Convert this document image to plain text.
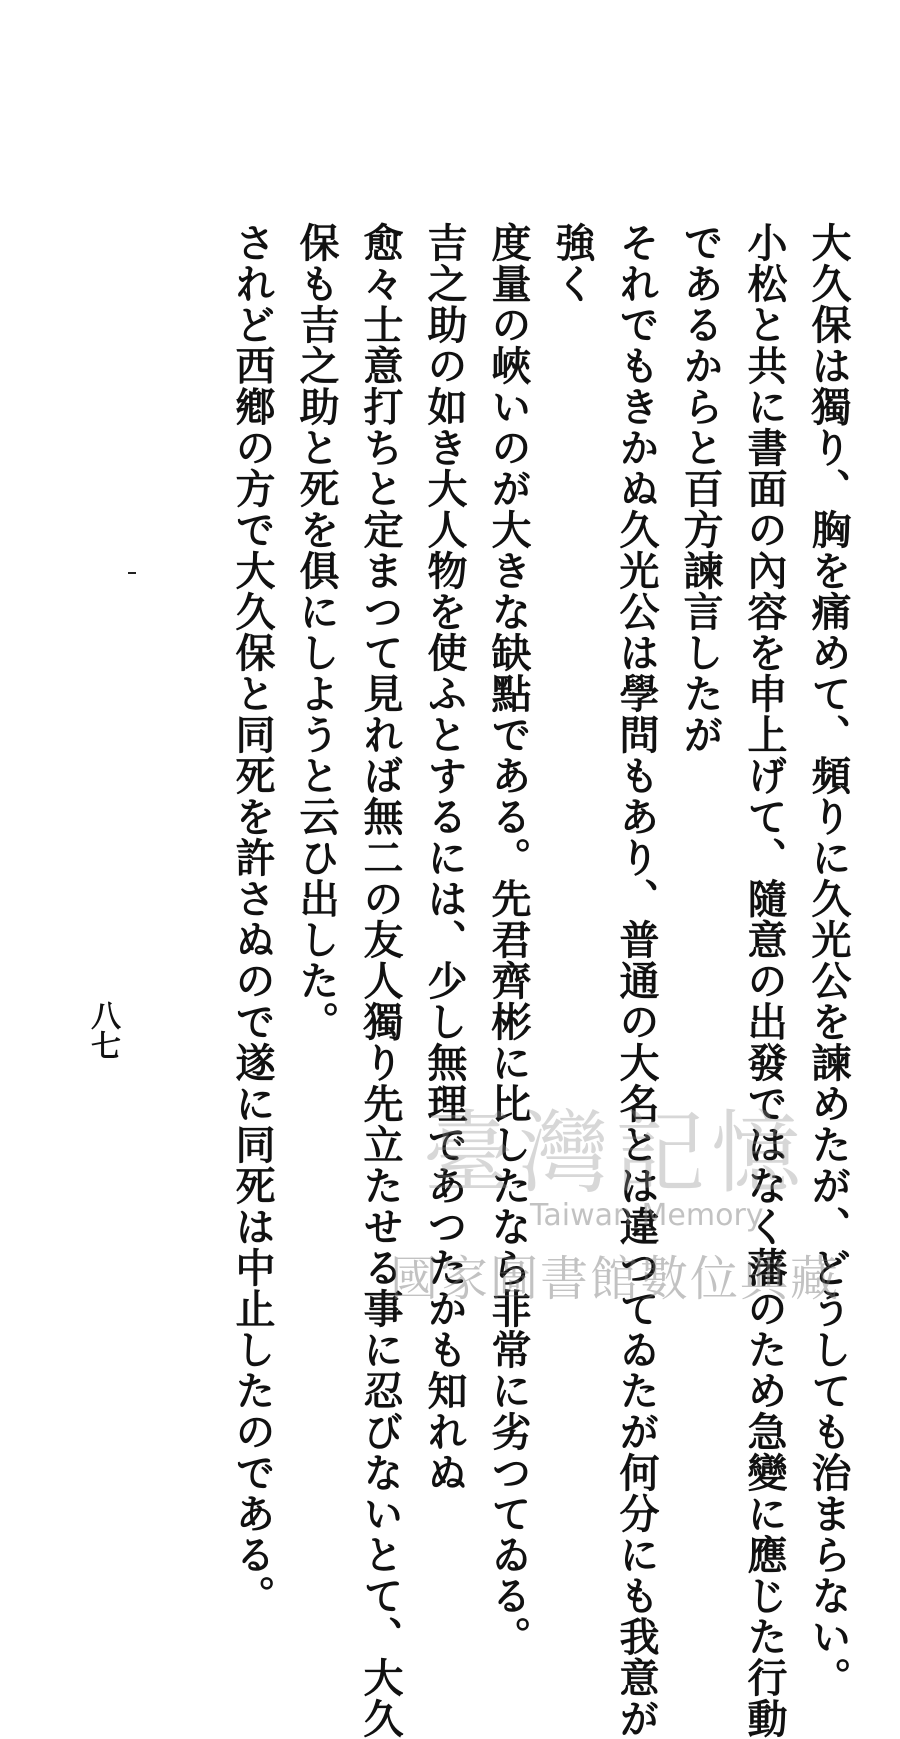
大久保は獨り、胸を痛めて、頻りに久光公を諫めたが、どうしても治まらない。
小松と共に書面の內容を申上げて、隨意の出發ではなく藩のため急變に應じた行動
であるからと百方諫言したが
それでもきかぬ久光公は學問もあり、普通の大名とは違つてゐたが何分にも我意が
強く
度量の峽いのが大きな缺點である。先君齊彬に比したなら非常に劣つてゐる。
吉之助の如き大人物を使ふとするには、少し無理であつたかも知れぬ
愈々士意打ちと定まつて見れば無二の友人獨り先立たせる事に忍びないとて、大久
保も吉之助と死を俱にしようと云ひ出した。
されど西鄕の方で大久保と同死を許さぬので遂に同死は中止したのである。
八七
臺灣記憶
Taiwan Memory
國家圖書館數位典藏
